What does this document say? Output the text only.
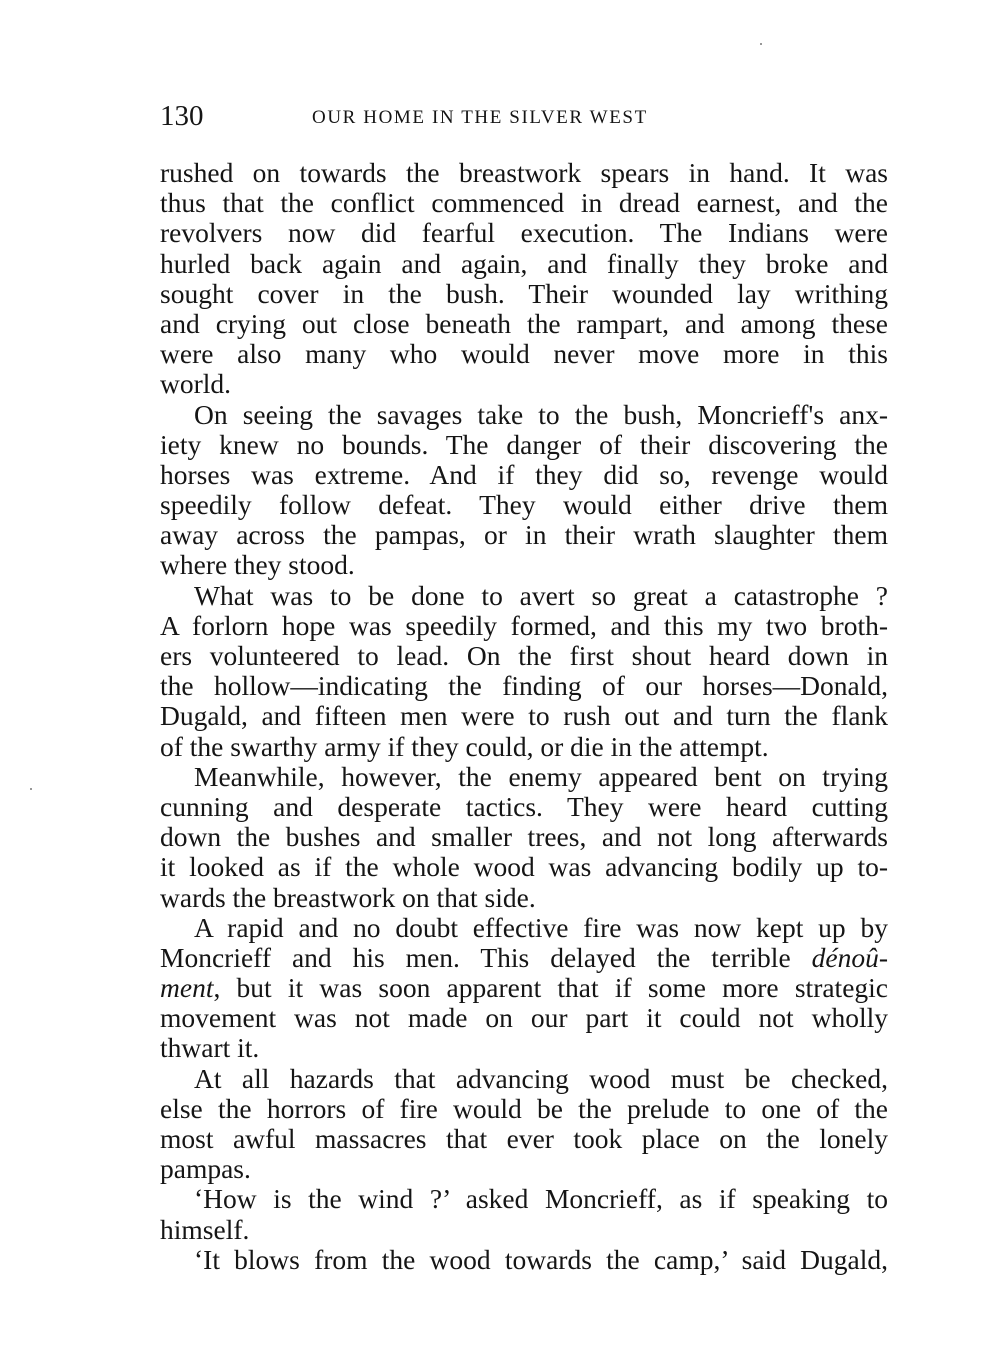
130	OUR HOME IN THE SILVER WEST
rushed on towards the breastwork spears in hand. It was
thus that the conflict commenced in dread earnest, and the
revolvers now did fearful execution. The Indians were
hurled back again and again, and finally they broke and
sought cover in the bush. Their wounded lay writhing
and crying out close beneath the rampart, and among these
were also many who would never move more in this
world.
On seeing the savages take to the bush, Moncrieff's anx-
iety knew no bounds. The danger of their discovering the
horses was extreme. And if they did so, revenge would
speedily follow defeat. They would either drive them
away across the pampas, or in their wrath slaughter them
where they stood.
What was to be done to avert so great a catastrophe ?
A forlorn hope was speedily formed, and this my two broth-
ers volunteered to lead. On the first shout heard down in
the hollow—indicating the finding of our horses—Donald,
Dugald, and fifteen men were to rush out and turn the flank
of the swarthy army if they could, or die in the attempt.
Meanwhile, however, the enemy appeared bent on trying
cunning and desperate tactics. They were heard cutting
down the bushes and smaller trees, and not long afterwards
it looked as if the whole wood was advancing bodily up to-
wards the breastwork on that side.
A rapid and no doubt effective fire was now kept up by
Moncrieff and his men. This delayed the terrible dénoû-
ment, but it was soon apparent that if some more strategic
movement was not made on our part it could not wholly
thwart it.
At all hazards that advancing wood must be checked,
else the horrors of fire would be the prelude to one of the
most awful massacres that ever took place on the lonely
pampas.
‘How is the wind ?’ asked Moncrieff, as if speaking to
himself.
‘It blows from the wood towards the camp,’ said Dugald,
